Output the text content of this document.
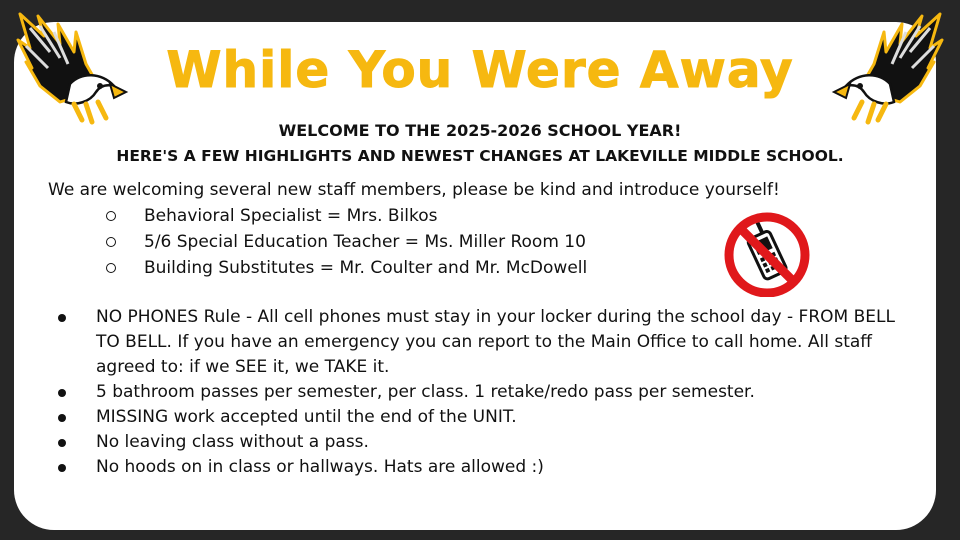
While You Were Away
WELCOME TO THE 2025-2026 SCHOOL YEAR!
HERE'S A FEW HIGHLIGHTS AND NEWEST CHANGES AT LAKEVILLE MIDDLE SCHOOL.
We are welcoming several new staff members, please be kind and introduce yourself!
Behavioral Specialist = Mrs. Bilkos
5/6 Special Education Teacher = Ms. Miller Room 10
Building Substitutes = Mr. Coulter and Mr. McDowell
NO PHONES Rule - All cell phones must stay in your locker during the school day - FROM BELL TO BELL. If you have an emergency you can report to the Main Office to call home. All staff agreed to: if we SEE it, we TAKE it.
5 bathroom passes per semester, per class. 1 retake/redo pass per semester.
MISSING work accepted until the end of the UNIT.
No leaving class without a pass.
No hoods on in class or hallways. Hats are allowed :)
